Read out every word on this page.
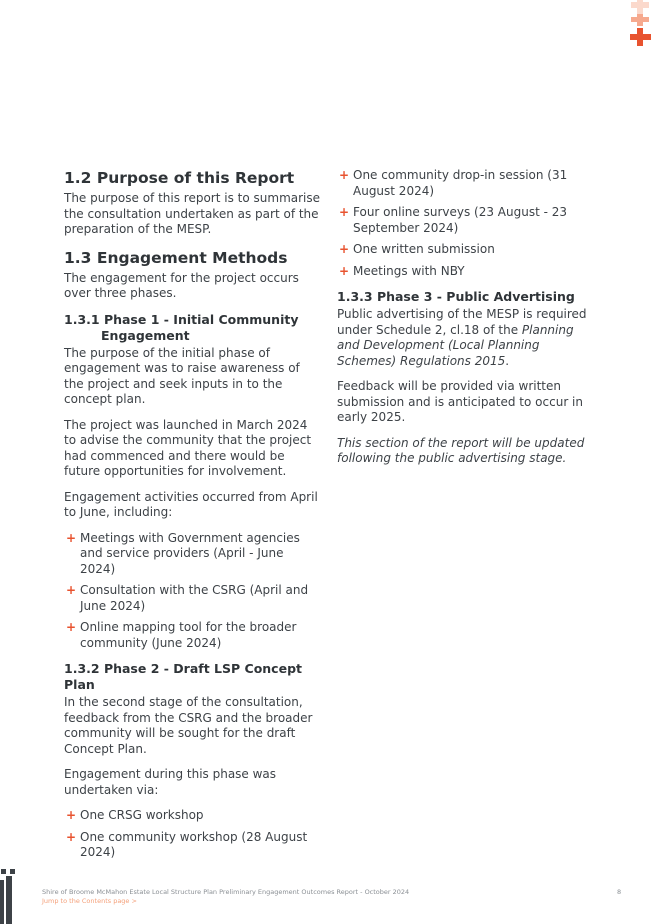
1.2 Purpose of this Report

The purpose of this report is to summarise the consultation undertaken as part of the preparation of the MESP.

1.3 Engagement Methods

The engagement for the project occurs over three phases.

1.3.1 Phase 1 - Initial Community Engagement

The purpose of the initial phase of engagement was to raise awareness of the project and seek inputs in to the concept plan.

The project was launched in March 2024 to advise the community that the project had commenced and there would be future opportunities for involvement.

Engagement activities occurred from April to June, including:

+ Meetings with Government agencies and service providers (April - June 2024)
+ Consultation with the CSRG (April and June 2024)
+ Online mapping tool for the broader community (June 2024)
1.3.2 Phase 2 - Draft LSP Concept Plan

In the second stage of the consultation, feedback from the CSRG and the broader community will be sought for the draft Concept Plan.

Engagement during this phase was undertaken via:

+ One CRSG workshop
+ One community workshop (28 August 2024)
+ One community drop-in session (31 August 2024)
+ Four online surveys (23 August - 23 September 2024)
+ One written submission
+ Meetings with NBY
1.3.3 Phase 3 - Public Advertising

Public advertising of the MESP is required under Schedule 2, cl.18 of the Planning and Development (Local Planning Schemes) Regulations 2015.

Feedback will be provided via written submission and is anticipated to occur in early 2025.

This section of the report will be updated following the public advertising stage.

Shire of Broome McMahon Estate Local Structure Plan Preliminary Engagement Outcomes Report - October 2024
Jump to the Contents page >
8
